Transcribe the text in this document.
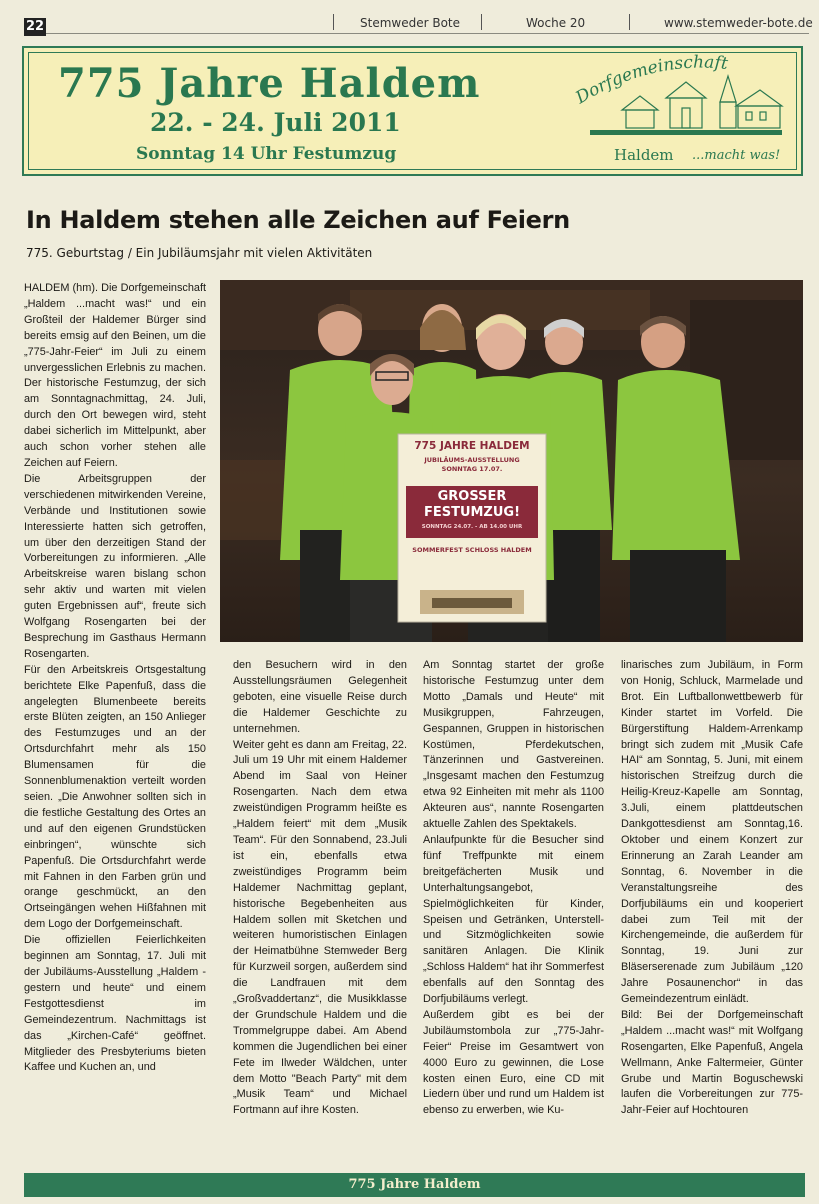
22	Stemweder Bote	Woche 20	www.stemweder-bote.de
775 Jahre Haldem
22. - 24. Juli 2011
Sonntag 14 Uhr Festumzug
Dorfgemeinschaft
Haldem ...macht was!
In Haldem stehen alle Zeichen auf Feiern
775. Geburtstag / Ein Jubiläumsjahr mit vielen Aktivitäten
775 JAHRE HALDEM
JUBILÄUMS-AUSSTELLUNG
SONNTAG 17.07.
GROSSER
FESTUMZUG!
SONNTAG 24.07. - AB 14.00 UHR
SOMMERFEST SCHLOSS HALDEM

HALDEM (hm). Die Dorfgemeinschaft „Haldem ...macht was!“ und ein Großteil der Haldemer Bürger sind bereits emsig auf den Beinen, um die „775-Jahr-Feier“ im Juli zu einem unvergesslichen Erlebnis zu machen. Der historische Festumzug, der sich am Sonntagnachmittag, 24. Juli, durch den Ort bewegen wird, steht dabei sicherlich im Mittelpunkt, aber auch schon vorher stehen alle Zeichen auf Feiern.

Die Arbeitsgruppen der verschiedenen mitwirkenden Vereine, Verbände und Institutionen sowie Interessierte hatten sich getroffen, um über den derzeitigen Stand der Vorbereitungen zu informieren. „Alle Arbeitskreise waren bislang schon sehr aktiv und warten mit vielen guten Ergebnissen auf“, freute sich Wolfgang Rosengarten bei der Besprechung im Gasthaus Hermann Rosengarten.

Für den Arbeitskreis Ortsgestaltung berichtete Elke Papenfuß, dass die angelegten Blumenbeete bereits erste Blüten zeigten, an 150 Anlieger des Festumzuges und an der Ortsdurchfahrt mehr als 150 Blumensamen für die Sonnenblumenaktion verteilt worden seien. „Die Anwohner sollten sich in die festliche Gestaltung des Ortes an und auf den eigenen Grundstücken einbringen“, wünschte sich Papenfuß. Die Ortsdurchfahrt werde mit Fahnen in den Farben grün und orange geschmückt, an den Ortseingängen wehen Hißfahnen mit dem Logo der Dorfgemeinschaft.

Die offiziellen Feierlichkeiten beginnen am Sonntag, 17. Juli mit der Jubiläums-Ausstellung „Haldem - gestern und heute“ und einem Festgottesdienst im Gemeindezentrum. Nachmittags ist das „Kirchen-Café“ geöffnet. Mitglieder des Presbyteriums bieten Kaffee und Kuchen an, und

den Besuchern wird in den Ausstellungsräumen Gelegenheit geboten, eine visuelle Reise durch die Haldemer Geschichte zu unternehmen.

Weiter geht es dann am Freitag, 22. Juli um 19 Uhr mit einem Haldemer Abend im Saal von Heiner Rosengarten. Nach dem etwa zweistündigen Programm heißte es „Haldem feiert“ mit dem „Musik Team“. Für den Sonnabend, 23.Juli ist ein, ebenfalls etwa zweistündiges Programm beim Haldemer Nachmittag geplant, historische Begebenheiten aus Haldem sollen mit Sketchen und weiteren humoristischen Einlagen der Heimatbühne Stemweder Berg für Kurzweil sorgen, außerdem sind die Landfrauen mit dem „Großvaddertanz“, die Musikklasse der Grundschule Haldem und die Trommelgruppe dabei. Am Abend kommen die Jugendlichen bei einer Fete im Ilweder Wäldchen, unter dem Motto "Beach Party" mit dem „Musik Team“ und Michael Fortmann auf ihre Kosten.

Am Sonntag startet der große historische Festumzug unter dem Motto „Damals und Heute“ mit Musikgruppen, Fahrzeugen, Gespannen, Gruppen in historischen Kostümen, Pferdekutschen, Tänzerinnen und Gastvereinen. „Insgesamt machen den Festumzug etwa 92 Einheiten mit mehr als 1100 Akteuren aus“, nannte Rosengarten aktuelle Zahlen des Spektakels.

Anlaufpunkte für die Besucher sind fünf Treffpunkte mit einem breitgefächerten Musik und Unterhaltungsangebot, Spielmöglichkeiten für Kinder, Speisen und Getränken, Unterstell- und Sitzmöglichkeiten sowie sanitären Anlagen. Die Klinik „Schloss Haldem“ hat ihr Sommerfest ebenfalls auf den Sonntag des Dorfjubiläums verlegt.

Außerdem gibt es bei der Jubiläumstombola zur „775-Jahr-Feier“ Preise im Gesamtwert von 4000 Euro zu gewinnen, die Lose kosten einen Euro, eine CD mit Liedern über und rund um Haldem ist ebenso zu erwerben, wie Ku-

linarisches zum Jubiläum, in Form von Honig, Schluck, Marmelade und Brot. Ein Luftballonwettbewerb für Kinder startet im Vorfeld. Die Bürgerstiftung Haldem-Arrenkamp bringt sich zudem mit „Musik Cafe HAI“ am Sonntag, 5. Juni, mit einem historischen Streifzug durch die Heilig-Kreuz-Kapelle am Sonntag, 3.Juli, einem plattdeutschen Dankgottesdienst am Sonntag,16. Oktober und einem Konzert zur Erinnerung an Zarah Leander am Sonntag, 6. November in die Veranstaltungsreihe des Dorfjubiläums ein und kooperiert dabei zum Teil mit der Kirchengemeinde, die außerdem für Sonntag, 19. Juni zur Bläserserenade zum Jubiläum „120 Jahre Posaunenchor“ in das Gemeindezentrum einlädt.

Bild: Bei der Dorfgemeinschaft „Haldem ...macht was!“ mit Wolfgang Rosengarten, Elke Papenfuß, Angela Wellmann, Anke Faltermeier, Günter Grube und Martin Boguschewski laufen die Vorbereitungen zur 775-Jahr-Feier auf Hochtouren

775 Jahre Haldem
